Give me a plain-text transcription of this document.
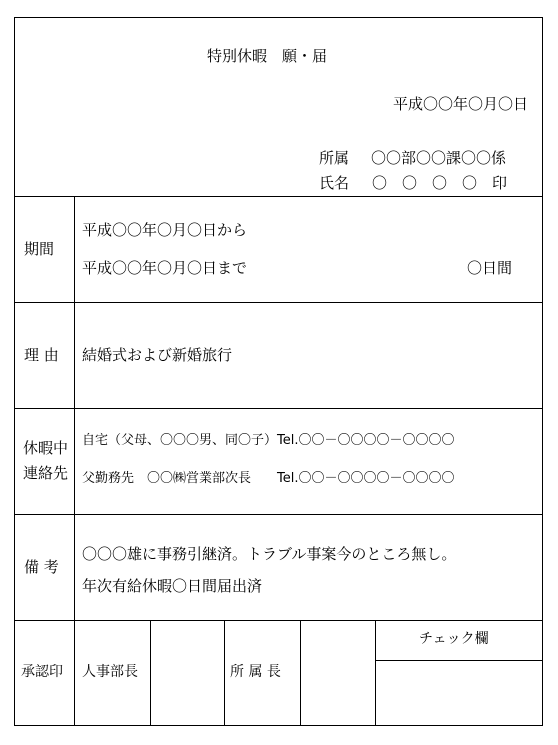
特別休暇　願・届
平成〇〇年〇月〇日
所属 〇〇部〇〇課〇〇係
氏名 〇　〇　〇　〇　印
期間
平成〇〇年〇月〇日から
平成〇〇年〇月〇日まで	〇日間
理 由 結婚式および新婚旅行
休暇中
連絡先
自宅（父母、〇〇〇男、同〇子）Tel.〇〇－〇〇〇〇－〇〇〇〇
父勤務先　〇〇㈱営業部次長　　Tel.〇〇－〇〇〇〇－〇〇〇〇
備 考
〇〇〇雄に事務引継済。トラブル事案今のところ無し。
年次有給休暇〇日間届出済
承認印 人事部長	所 属 長
チェック欄
